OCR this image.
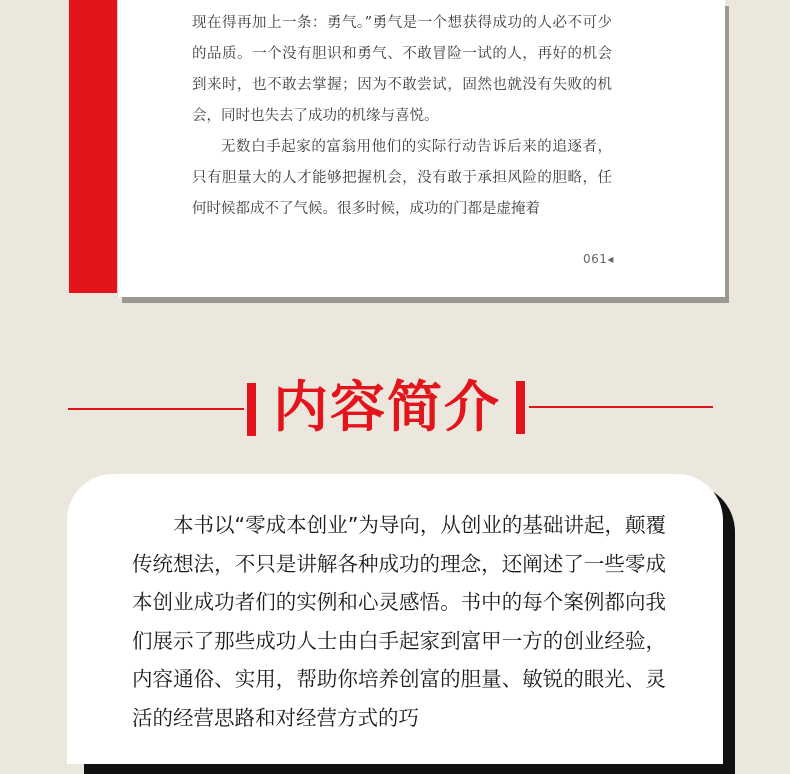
现在得再加上一条：勇气。”勇气是一个想获得成功的人必不可少的品质。一个没有胆识和勇气、不敢冒险一试的人，再好的机会到来时，也不敢去掌握；因为不敢尝试，固然也就没有失败的机会，同时也失去了成功的机缘与喜悦。

无数白手起家的富翁用他们的实际行动告诉后来的追逐者，只有胆量大的人才能够把握机会，没有敢于承担风险的胆略，任何时候都成不了气候。很多时候，成功的门都是虚掩着

061◂
内容简介

本书以“零成本创业”为导向，从创业的基础讲起，颠覆传统想法，不只是讲解各种成功的理念，还阐述了一些零成本创业成功者们的实例和心灵感悟。书中的每个案例都向我们展示了那些成功人士由白手起家到富甲一方的创业经验，内容通俗、实用，帮助你培养创富的胆量、敏锐的眼光、灵活的经营思路和对经营方式的巧
